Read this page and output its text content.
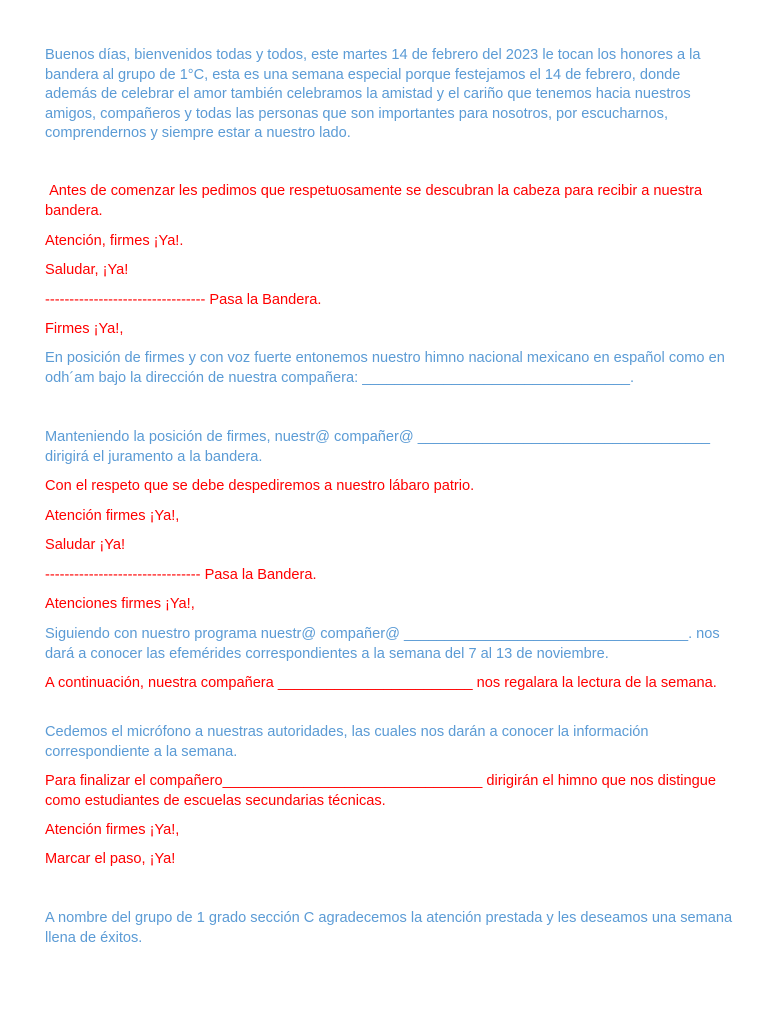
Buenos días, bienvenidos todas y todos, este martes 14 de febrero del 2023 le tocan los honores a la bandera al grupo de 1°C, esta es una semana especial porque festejamos el 14 de febrero, donde además de celebrar el amor también celebramos la amistad y el cariño que tenemos hacia nuestros amigos, compañeros y todas las personas que son importantes para nosotros, por escucharnos, comprendernos y siempre estar a nuestro lado.

Antes de comenzar les pedimos que respetuosamente se descubran la cabeza para recibir a nuestra bandera.

Atención, firmes ¡Ya!.

Saludar, ¡Ya!

--------------------------------- Pasa la Bandera.

Firmes ¡Ya!,

En posición de firmes y con voz fuerte entonemos nuestro himno nacional mexicano en español como en odh´am bajo la dirección de nuestra compañera: _________________________________.

Manteniendo la posición de firmes, nuestr@ compañer@ ____________________________________ dirigirá el juramento a la bandera.

Con el respeto que se debe despediremos a nuestro lábaro patrio.

Atención firmes ¡Ya!,

Saludar ¡Ya!

-------------------------------- Pasa la Bandera.

Atenciones firmes ¡Ya!,

Siguiendo con nuestro programa nuestr@ compañer@ ___________________________________. nos dará a conocer las efemérides correspondientes a la semana del 7 al 13 de noviembre.

A continuación, nuestra compañera ________________________ nos regalara la lectura de la semana.

Cedemos el micrófono a nuestras autoridades, las cuales nos darán a conocer la información correspondiente a la semana.

Para finalizar el compañero________________________________ dirigirán el himno que nos distingue como estudiantes de escuelas secundarias técnicas.

Atención firmes ¡Ya!,

Marcar el paso, ¡Ya!

A nombre del grupo de 1 grado sección C agradecemos la atención prestada y les deseamos una semana llena de éxitos.
